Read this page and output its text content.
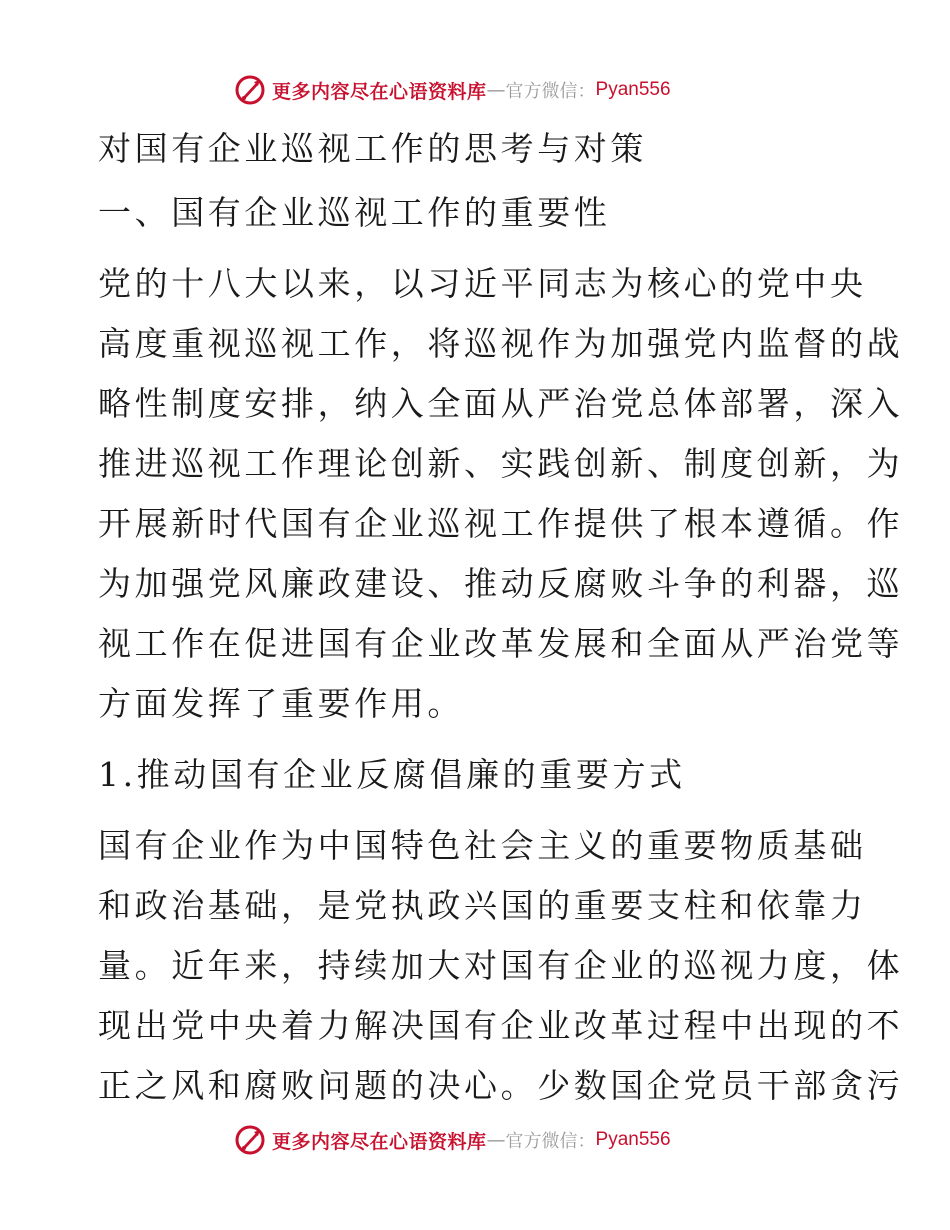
更多内容尽在心语资料库 — 官方微信： Pyan556
对国有企业巡视工作的思考与对策
一、国有企业巡视工作的重要性
党的十八大以来，以习近平同志为核心的党中央
高度重视巡视工作，将巡视作为加强党内监督的战
略性制度安排，纳入全面从严治党总体部署，深入
推进巡视工作理论创新、实践创新、制度创新，为
开展新时代国有企业巡视工作提供了根本遵循。作
为加强党风廉政建设、推动反腐败斗争的利器，巡
视工作在促进国有企业改革发展和全面从严治党等
方面发挥了重要作用。
1.推动国有企业反腐倡廉的重要方式
国有企业作为中国特色社会主义的重要物质基础
和政治基础，是党执政兴国的重要支柱和依靠力
量。近年来，持续加大对国有企业的巡视力度，体
现出党中央着力解决国有企业改革过程中出现的不
正之风和腐败问题的决心。少数国企党员干部贪污
更多内容尽在心语资料库 — 官方微信： Pyan556
